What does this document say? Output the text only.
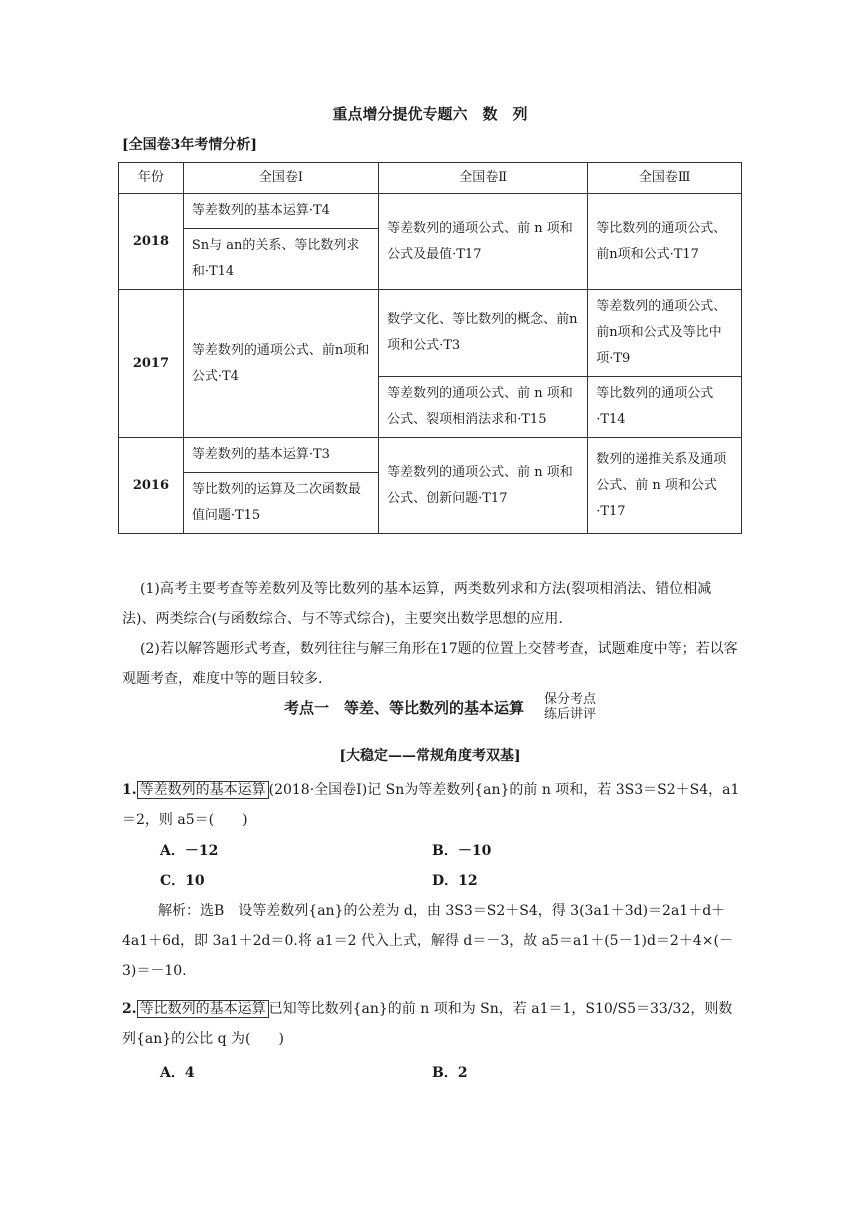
重点增分提优专题六　数　列
[全国卷3年考情分析]
年份	全国卷Ⅰ	全国卷Ⅱ	全国卷Ⅲ
2018	等差数列的基本运算·T4	等差数列的通项公式、前 n 项和公式及最值·T17	等比数列的通项公式、前n项和公式·T17
	Sn与 an的关系、等比数列求和·T14		
2017	等差数列的通项公式、前n项和公式·T4	数学文化、等比数列的概念、前n项和公式·T3	等差数列的通项公式、前n项和公式及等比中项·T9
		等差数列的通项公式、前 n 项和公式、裂项相消法求和·T15	等比数列的通项公式·T14
2016	等差数列的基本运算·T3	等差数列的通项公式、前 n 项和公式、创新问题·T17	数列的递推关系及通项公式、前 n 项和公式·T17
	等比数列的运算及二次函数最值问题·T15		
(1)高考主要考查等差数列及等比数列的基本运算，两类数列求和方法(裂项相消法、错位相减法)、两类综合(与函数综合、与不等式综合)，主要突出数学思想的应用.
(2)若以解答题形式考查，数列往往与解三角形在17题的位置上交替考查，试题难度中等；若以客观题考查，难度中等的题目较多.
考点一　等差、等比数列的基本运算 保分考点
练后讲评
[大稳定——常规角度考双基]
1. 等差数列的基本运算 (2018·全国卷Ⅰ)记 Sn为等差数列{an}的前 n 项和，若 3S3＝S2＋S4，a1＝2，则 a5＝(　　)
A．－12	B．－10
C．10	D．12
解析：选B　设等差数列{an}的公差为 d，由 3S3＝S2＋S4，得 3(3a1＋3d)＝2a1＋d＋4a1＋6d，即 3a1＋2d＝0.将 a1＝2 代入上式，解得 d＝－3，故 a5＝a1＋(5－1)d＝2＋4×(－3)＝－10.
2. 等比数列的基本运算 已知等比数列{an}的前 n 项和为 Sn，若 a1＝1，S10/S5＝33/32，则数列{an}的公比 q 为(　　)
A．4	B．2
